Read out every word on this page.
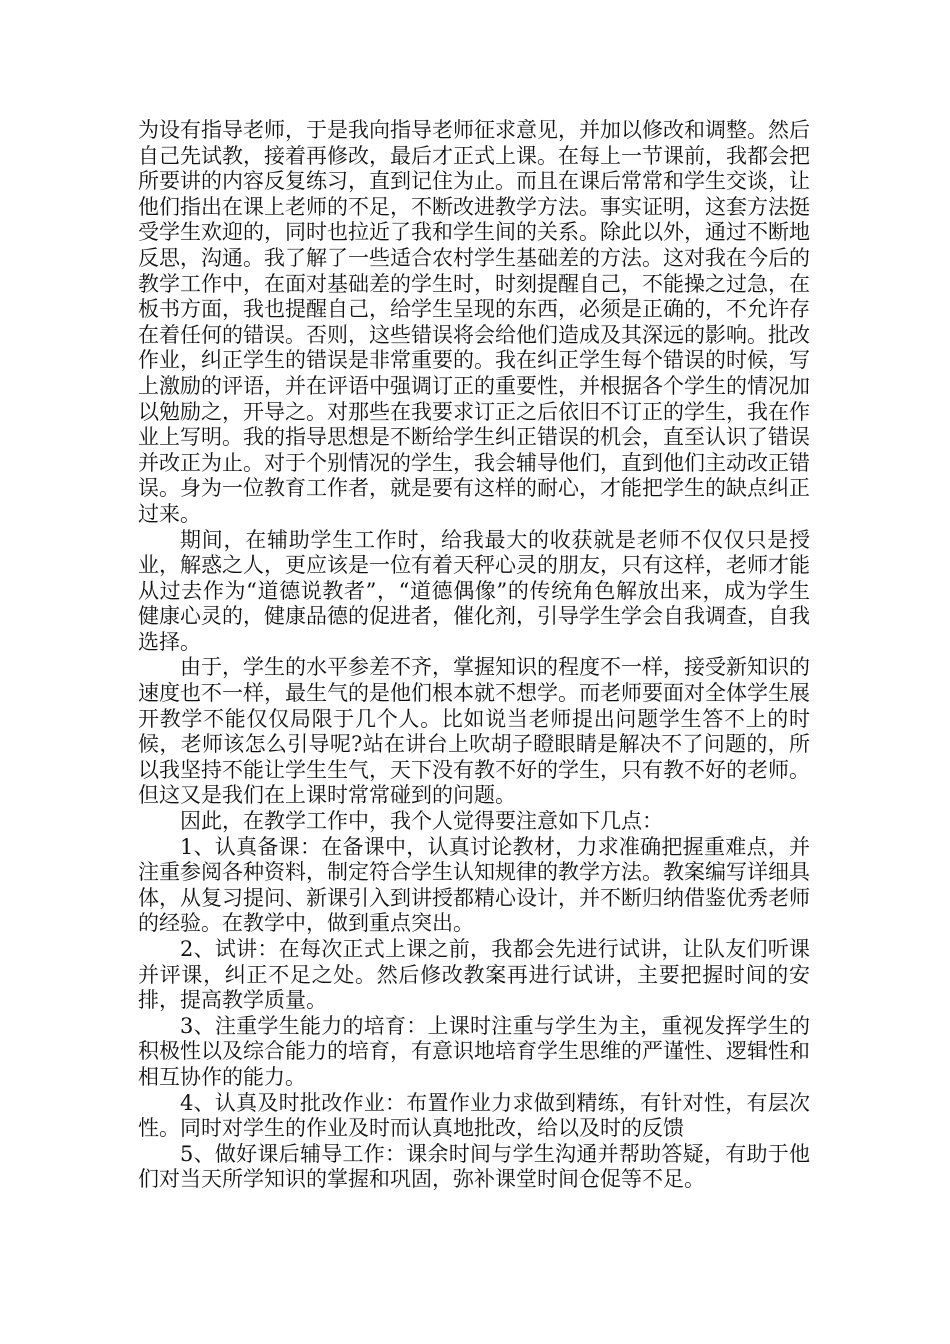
为设有指导老师，于是我向指导老师征求意见，并加以修改和调整。然后自己先试教，接着再修改，最后才正式上课。在每上一节课前，我都会把所要讲的内容反复练习，直到记住为止。而且在课后常常和学生交谈，让他们指出在课上老师的不足，不断改进教学方法。事实证明，这套方法挺受学生欢迎的，同时也拉近了我和学生间的关系。除此以外，通过不断地反思，沟通。我了解了一些适合农村学生基础差的方法。这对我在今后的教学工作中，在面对基础差的学生时，时刻提醒自己，不能操之过急，在板书方面，我也提醒自己，给学生呈现的东西，必须是正确的，不允许存在着任何的错误。否则，这些错误将会给他们造成及其深远的影响。批改作业，纠正学生的错误是非常重要的。我在纠正学生每个错误的时候，写上激励的评语，并在评语中强调订正的重要性，并根据各个学生的情况加以勉励之，开导之。对那些在我要求订正之后依旧不订正的学生，我在作业上写明。我的指导思想是不断给学生纠正错误的机会，直至认识了错误并改正为止。对于个别情况的学生，我会辅导他们，直到他们主动改正错误。身为一位教育工作者，就是要有这样的耐心，才能把学生的缺点纠正过来。

期间，在辅助学生工作时，给我最大的收获就是老师不仅仅只是授业，解惑之人，更应该是一位有着天秤心灵的朋友，只有这样，老师才能从过去作为“道德说教者”，“道德偶像”的传统角色解放出来，成为学生健康心灵的，健康品德的促进者，催化剂，引导学生学会自我调查，自我选择。

由于，学生的水平参差不齐，掌握知识的程度不一样，接受新知识的速度也不一样，最生气的是他们根本就不想学。而老师要面对全体学生展开教学不能仅仅局限于几个人。比如说当老师提出问题学生答不上的时候，老师该怎么引导呢?站在讲台上吹胡子瞪眼睛是解决不了问题的，所以我坚持不能让学生生气，天下没有教不好的学生，只有教不好的老师。但这又是我们在上课时常常碰到的问题。

因此，在教学工作中，我个人觉得要注意如下几点：

1、认真备课：在备课中，认真讨论教材，力求准确把握重难点，并注重参阅各种资料，制定符合学生认知规律的教学方法。教案编写详细具体，从复习提问、新课引入到讲授都精心设计，并不断归纳借鉴优秀老师的经验。在教学中，做到重点突出。

2、试讲：在每次正式上课之前，我都会先进行试讲，让队友们听课并评课，纠正不足之处。然后修改教案再进行试讲，主要把握时间的安排，提高教学质量。

3、注重学生能力的培育：上课时注重与学生为主，重视发挥学生的积极性以及综合能力的培育，有意识地培育学生思维的严谨性、逻辑性和相互协作的能力。

4、认真及时批改作业：布置作业力求做到精练，有针对性，有层次性。同时对学生的作业及时而认真地批改，给以及时的反馈

5、做好课后辅导工作：课余时间与学生沟通并帮助答疑，有助于他们对当天所学知识的掌握和巩固，弥补课堂时间仓促等不足。
